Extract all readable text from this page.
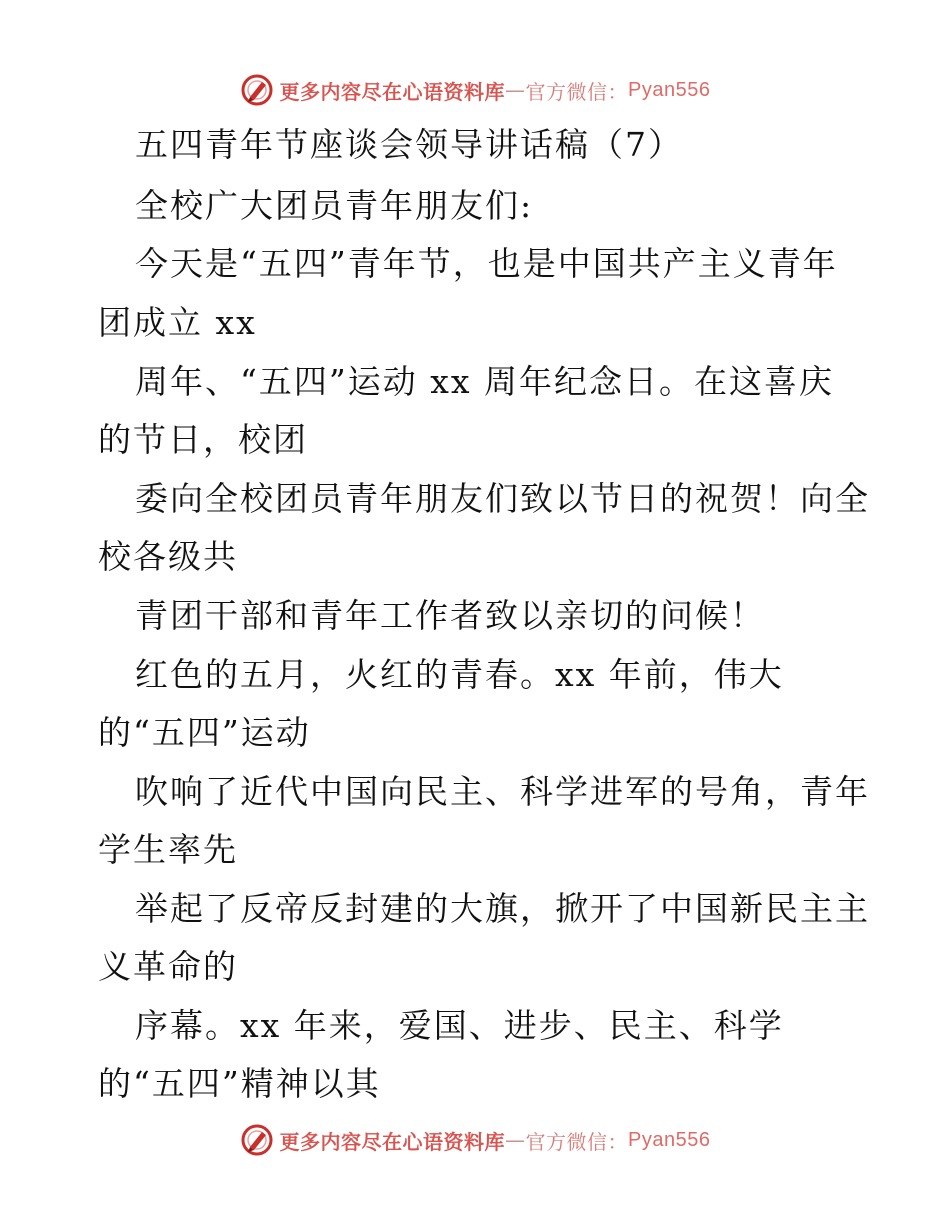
更多内容尽在心语资料库 — 官方微信： Pyan556
五四青年节座谈会领导讲话稿（7）
全校广大团员青年朋友们:
今天是“五四”青年节，也是中国共产主义青年
团成立 xx
周年、“五四”运动 xx 周年纪念日。在这喜庆
的节日，校团
委向全校团员青年朋友们致以节日的祝贺！向全
校各级共
青团干部和青年工作者致以亲切的问候！
红色的五月，火红的青春。xx 年前，伟大
的“五四”运动
吹响了近代中国向民主、科学进军的号角，青年
学生率先
举起了反帝反封建的大旗，掀开了中国新民主主
义革命的
序幕。xx 年来，爱国、进步、民主、科学
的“五四”精神以其
更多内容尽在心语资料库 — 官方微信： Pyan556
